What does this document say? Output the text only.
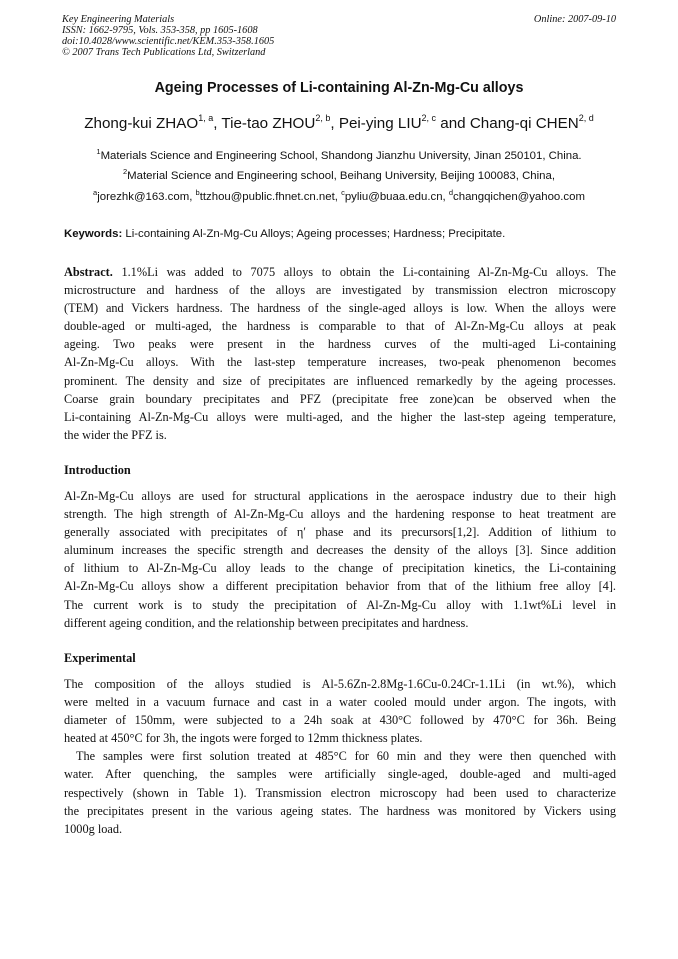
Key Engineering Materials
ISSN: 1662-9795, Vols. 353-358, pp 1605-1608
doi:10.4028/www.scientific.net/KEM.353-358.1605
© 2007 Trans Tech Publications Ltd, Switzerland
Online: 2007-09-10
Ageing Processes of Li-containing Al-Zn-Mg-Cu alloys
Zhong-kui ZHAO$^{1, a}$, Tie-tao ZHOU$^{2, b}$, Pei-ying LIU$^{2, c}$ and Chang-qi CHEN$^{2, d}$
$^1$Materials Science and Engineering School, Shandong Jianzhu University, Jinan 250101, China.
$^2$Material Science and Engineering school, Beihang University, Beijing 100083, China,
$^a$jorezhk@163.com, $^b$ttzhou@public.fhnet.cn.net, $^c$pyliu@buaa.edu.cn, $^d$changqichen@yahoo.com
Keywords: Li-containing Al-Zn-Mg-Cu Alloys; Ageing processes; Hardness; Precipitate.
Abstract. 1.1%Li was added to 7075 alloys to obtain the Li-containing Al-Zn-Mg-Cu alloys. The
microstructure and hardness of the alloys are investigated by transmission electron microscopy
(TEM) and Vickers hardness. The hardness of the single-aged alloys is low. When the alloys were
double-aged or multi-aged, the hardness is comparable to that of Al-Zn-Mg-Cu alloys at peak
ageing. Two peaks were present in the hardness curves of the multi-aged Li-containing
Al-Zn-Mg-Cu alloys. With the last-step temperature increases, two-peak phenomenon becomes
prominent. The density and size of precipitates are influenced remarkedly by the ageing processes.
Coarse grain boundary precipitates and PFZ (precipitate free zone)can be observed when the
Li-containing Al-Zn-Mg-Cu alloys were multi-aged, and the higher the last-step ageing temperature,
the wider the PFZ is.
Introduction
Al-Zn-Mg-Cu alloys are used for structural applications in the aerospace industry due to their high
strength. The high strength of Al-Zn-Mg-Cu alloys and the hardening response to heat treatment are
generally associated with precipitates of η′ phase and its precursors[1,2]. Addition of lithium to
aluminum increases the specific strength and decreases the density of the alloys [3]. Since addition
of lithium to Al-Zn-Mg-Cu alloy leads to the change of precipitation kinetics, the Li-containing
Al-Zn-Mg-Cu alloys show a different precipitation behavior from that of the lithium free alloy [4].
The current work is to study the precipitation of Al-Zn-Mg-Cu alloy with 1.1wt%Li level in
different ageing condition, and the relationship between precipitates and hardness.
Experimental
The composition of the alloys studied is Al-5.6Zn-2.8Mg-1.6Cu-0.24Cr-1.1Li (in wt.%), which
were melted in a vacuum furnace and cast in a water cooled mould under argon. The ingots, with
diameter of 150mm, were subjected to a 24h soak at 430°C followed by 470°C for 36h. Being
heated at 450°C for 3h, the ingots were forged to 12mm thickness plates.
The samples were first solution treated at 485°C for 60 min and they were then quenched with
water. After quenching, the samples were artificially single-aged, double-aged and multi-aged
respectively (shown in Table 1). Transmission electron microscopy had been used to characterize
the precipitates present in the various ageing states. The hardness was monitored by Vickers using
1000g load.
